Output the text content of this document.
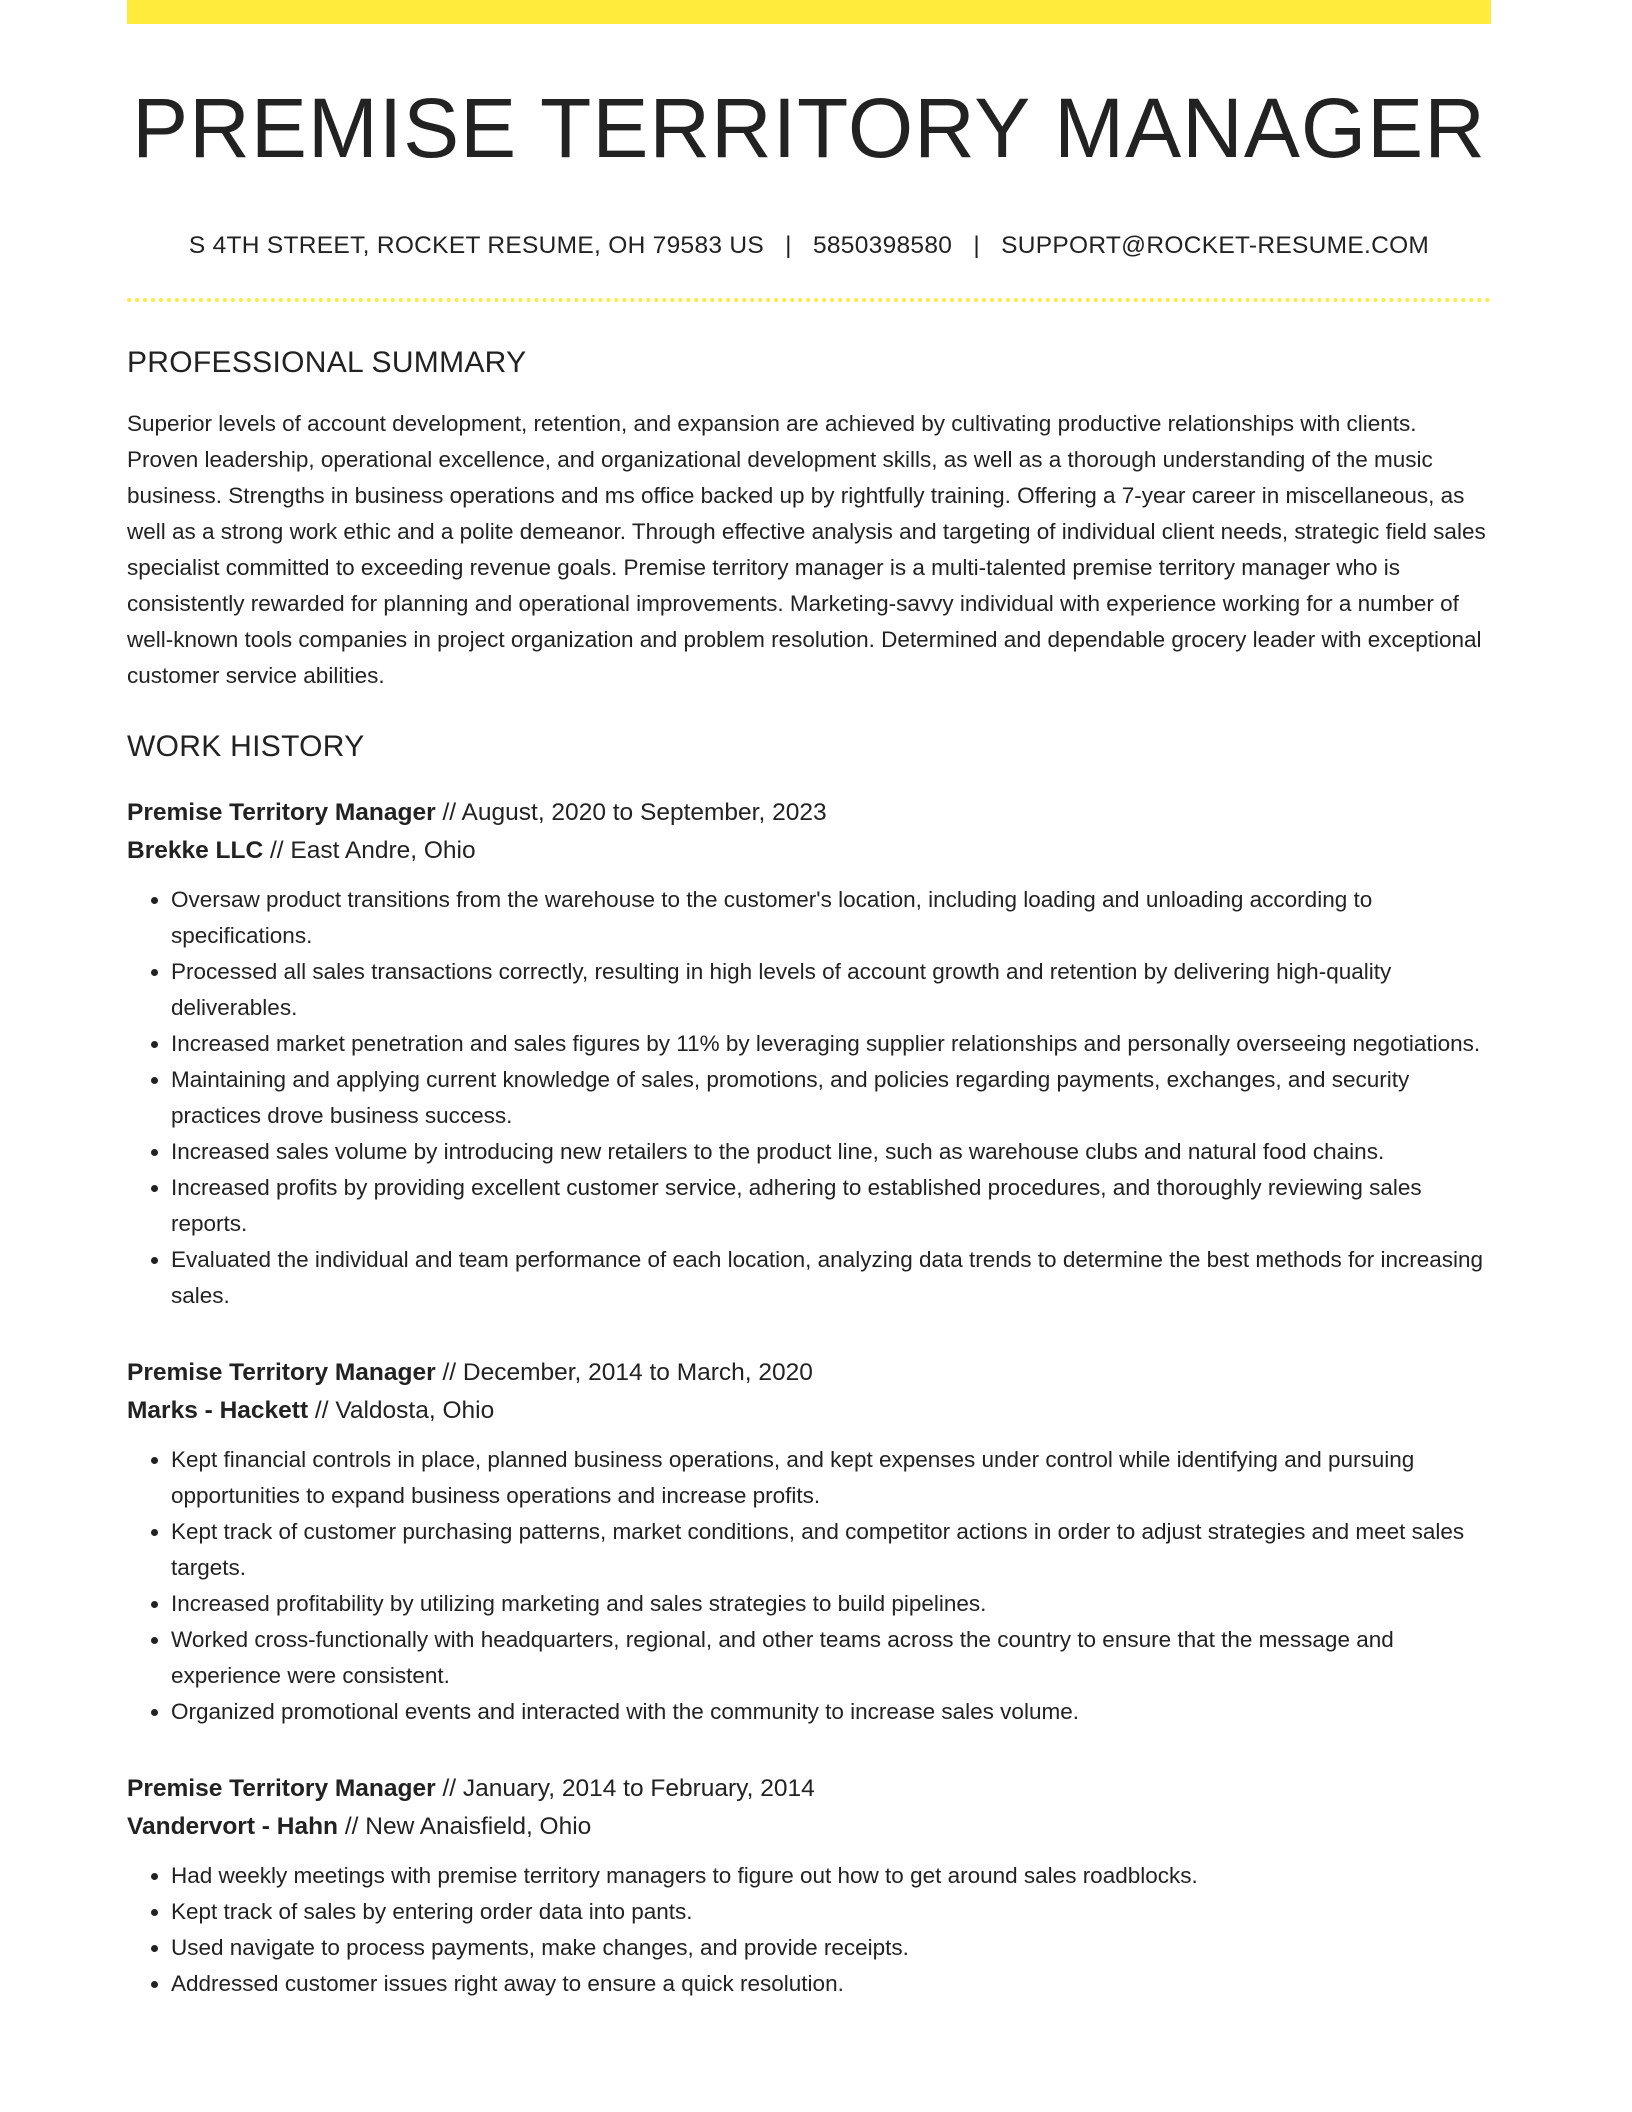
PREMISE TERRITORY MANAGER
S 4TH STREET, ROCKET RESUME, OH 79583 US | 5850398580 | SUPPORT@ROCKET-RESUME.COM
PROFESSIONAL SUMMARY

Superior levels of account development, retention, and expansion are achieved by cultivating productive relationships with clients. Proven leadership, operational excellence, and organizational development skills, as well as a thorough understanding of the music business. Strengths in business operations and ms office backed up by rightfully training. Offering a 7-year career in miscellaneous, as well as a strong work ethic and a polite demeanor. Through effective analysis and targeting of individual client needs, strategic field sales specialist committed to exceeding revenue goals. Premise territory manager is a multi-talented premise territory manager who is consistently rewarded for planning and operational improvements. Marketing-savvy individual with experience working for a number of well-known tools companies in project organization and problem resolution. Determined and dependable grocery leader with exceptional customer service abilities.

WORK HISTORY
Premise Territory Manager // August, 2020 to September, 2023
Brekke LLC // East Andre, Ohio
• Oversaw product transitions from the warehouse to the customer's location, including loading and unloading according to specifications.
• Processed all sales transactions correctly, resulting in high levels of account growth and retention by delivering high-quality deliverables.
• Increased market penetration and sales figures by 11% by leveraging supplier relationships and personally overseeing negotiations.
• Maintaining and applying current knowledge of sales, promotions, and policies regarding payments, exchanges, and security practices drove business success.
• Increased sales volume by introducing new retailers to the product line, such as warehouse clubs and natural food chains.
• Increased profits by providing excellent customer service, adhering to established procedures, and thoroughly reviewing sales reports.
• Evaluated the individual and team performance of each location, analyzing data trends to determine the best methods for increasing sales.
Premise Territory Manager // December, 2014 to March, 2020
Marks - Hackett // Valdosta, Ohio
• Kept financial controls in place, planned business operations, and kept expenses under control while identifying and pursuing opportunities to expand business operations and increase profits.
• Kept track of customer purchasing patterns, market conditions, and competitor actions in order to adjust strategies and meet sales targets.
• Increased profitability by utilizing marketing and sales strategies to build pipelines.
• Worked cross-functionally with headquarters, regional, and other teams across the country to ensure that the message and experience were consistent.
• Organized promotional events and interacted with the community to increase sales volume.
Premise Territory Manager // January, 2014 to February, 2014
Vandervort - Hahn // New Anaisfield, Ohio
• Had weekly meetings with premise territory managers to figure out how to get around sales roadblocks.
• Kept track of sales by entering order data into pants.
• Used navigate to process payments, make changes, and provide receipts.
• Addressed customer issues right away to ensure a quick resolution.
